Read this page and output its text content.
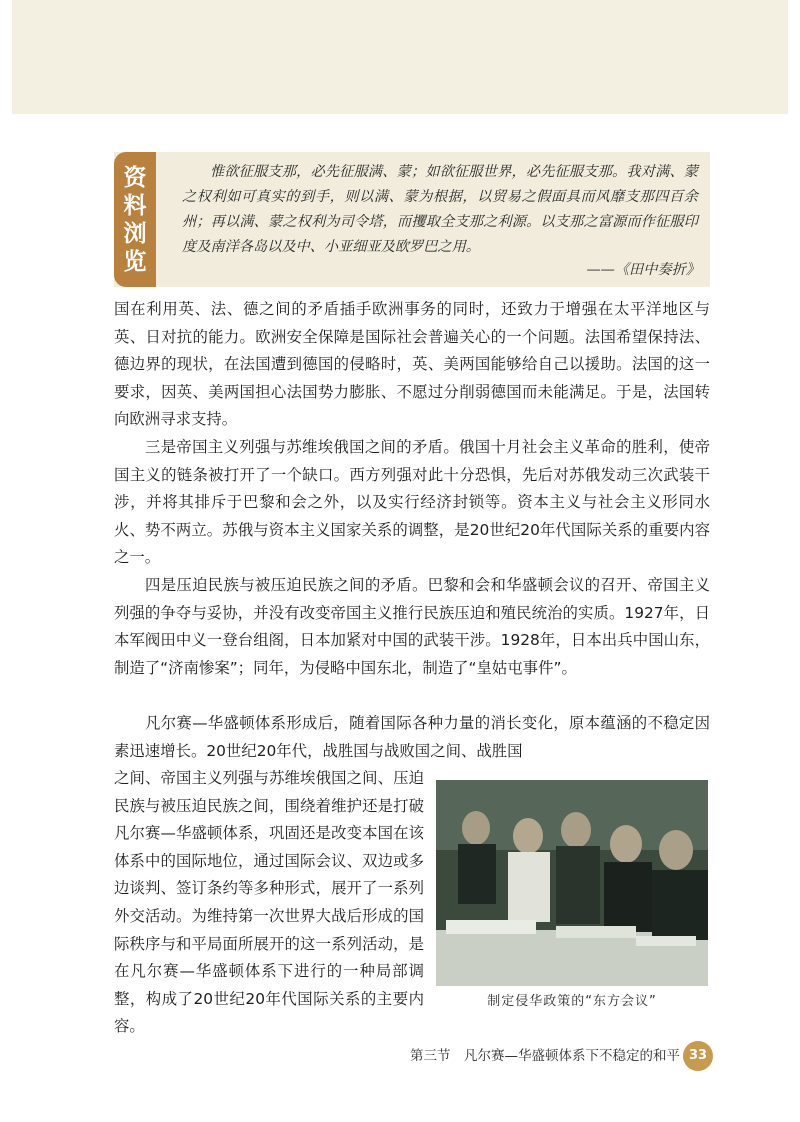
资
料
浏
览

惟欲征服支那，必先征服满、蒙；如欲征服世界，必先征服支那。我对满、蒙之权利如可真实的到手，则以满、蒙为根据，以贸易之假面具而风靡支那四百余州；再以满、蒙之权利为司令塔，而攫取全支那之利源。以支那之富源而作征服印度及南洋各岛以及中、小亚细亚及欧罗巴之用。

——《田中奏折》

国在利用英、法、德之间的矛盾插手欧洲事务的同时，还致力于增强在太平洋地区与英、日对抗的能力。欧洲安全保障是国际社会普遍关心的一个问题。法国希望保持法、德边界的现状，在法国遭到德国的侵略时，英、美两国能够给自己以援助。法国的这一要求，因英、美两国担心法国势力膨胀、不愿过分削弱德国而未能满足。于是，法国转向欧洲寻求支持。

三是帝国主义列强与苏维埃俄国之间的矛盾。俄国十月社会主义革命的胜利，使帝国主义的链条被打开了一个缺口。西方列强对此十分恐惧，先后对苏俄发动三次武装干涉，并将其排斥于巴黎和会之外，以及实行经济封锁等。资本主义与社会主义形同水火、势不两立。苏俄与资本主义国家关系的调整，是20世纪20年代国际关系的重要内容之一。

四是压迫民族与被压迫民族之间的矛盾。巴黎和会和华盛顿会议的召开、帝国主义列强的争夺与妥协，并没有改变帝国主义推行民族压迫和殖民统治的实质。1927年，日本军阀田中义一登台组阁，日本加紧对中国的武装干涉。1928年，日本出兵中国山东，制造了“济南惨案”；同年，为侵略中国东北，制造了“皇姑屯事件”。

凡尔赛—华盛顿体系形成后，随着国际各种力量的消长变化，原本蕴涵的不稳定因素迅速增长。20世纪20年代，战胜国与战败国之间、战胜国

之间、帝国主义列强与苏维埃俄国之间、压迫民族与被压迫民族之间，围绕着维护还是打破凡尔赛—华盛顿体系，巩固还是改变本国在该体系中的国际地位，通过国际会议、双边或多边谈判、签订条约等多种形式，展开了一系列外交活动。为维持第一次世界大战后形成的国际秩序与和平局面所展开的这一系列活动，是在凡尔赛—华盛顿体系下进行的一种局部调整，构成了20世纪20年代国际关系的主要内容。

制定侵华政策的“东方会议”

第三节　凡尔赛—华盛顿体系下不稳定的和平 33
